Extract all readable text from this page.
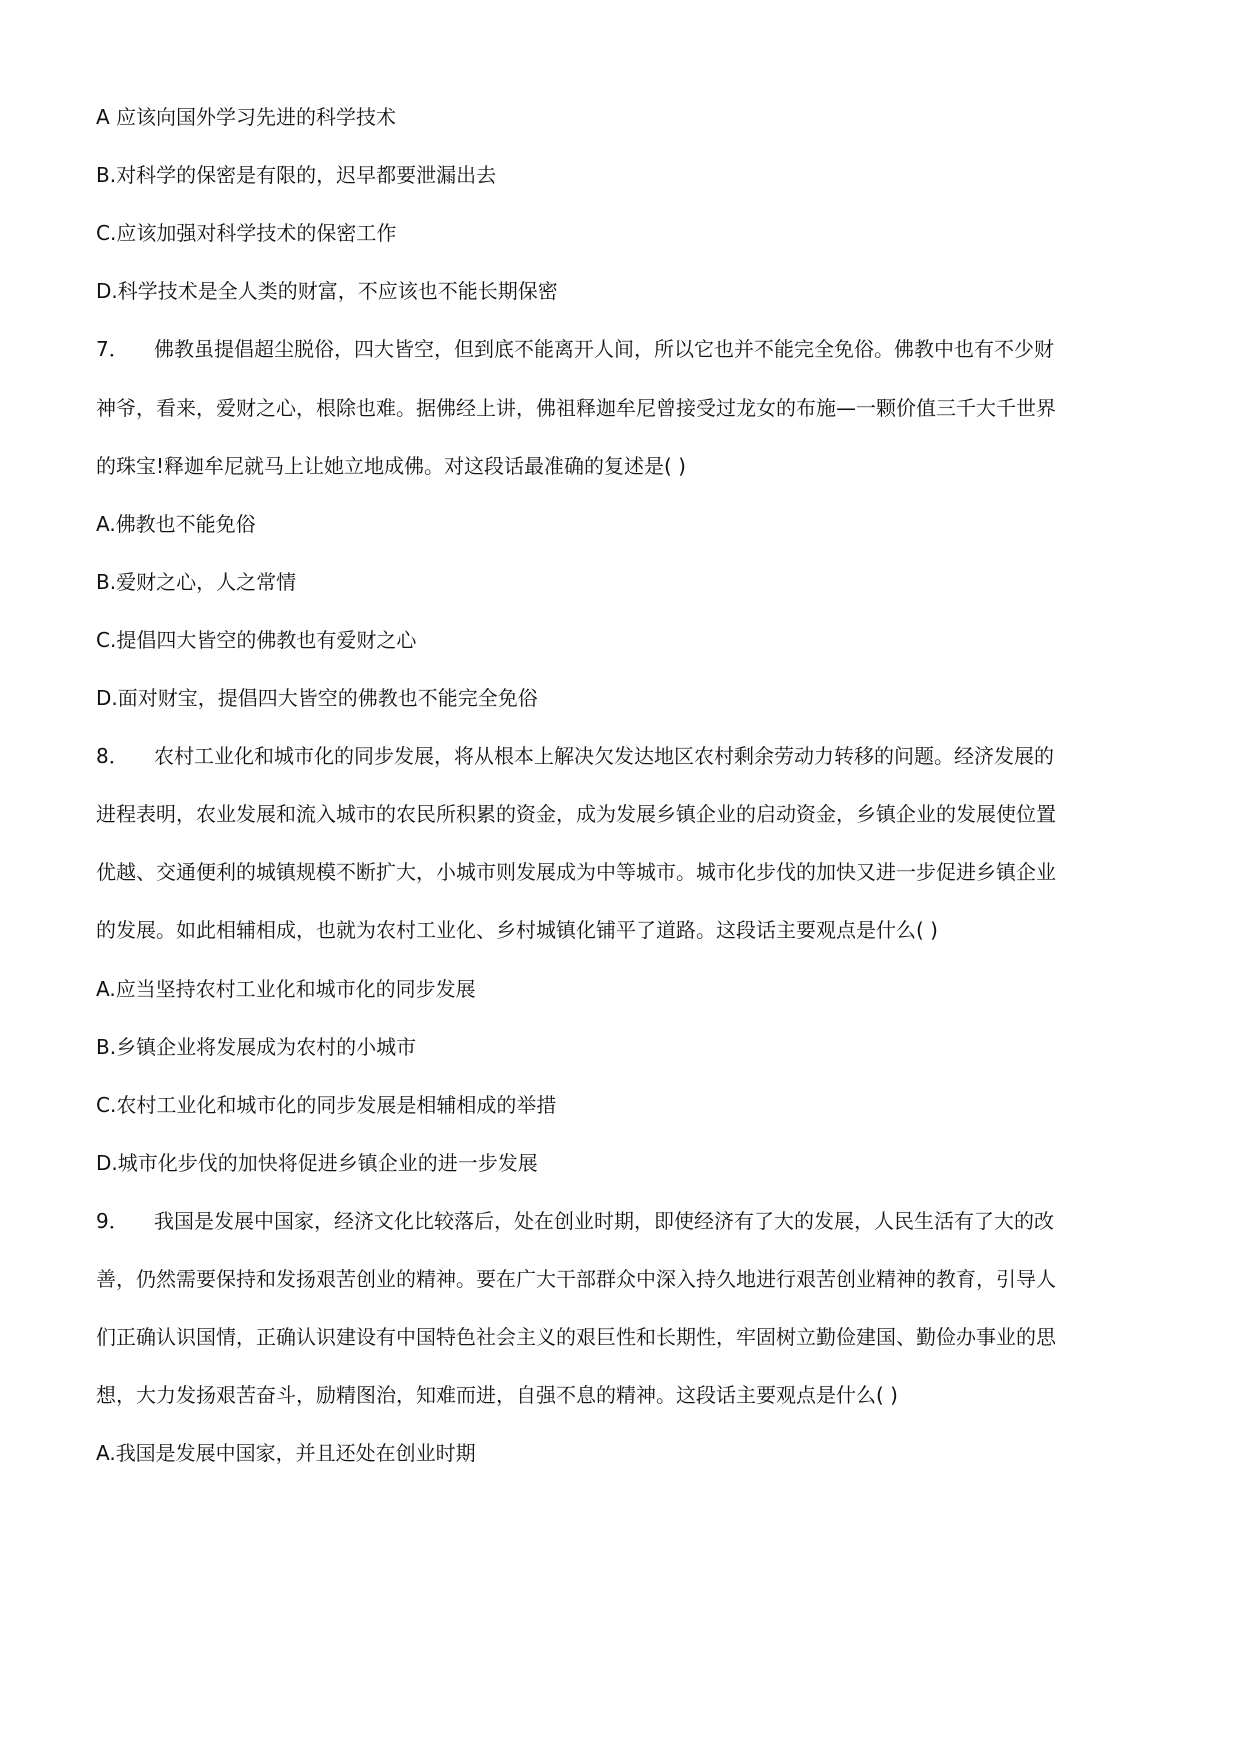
A 应该向国外学习先进的科学技术
B.对科学的保密是有限的，迟早都要泄漏出去
C.应该加强对科学技术的保密工作
D.科学技术是全人类的财富，不应该也不能长期保密
7． 佛教虽提倡超尘脱俗，四大皆空，但到底不能离开人间，所以它也并不能完全免俗。佛教中也有不少财
神爷，看来，爱财之心，根除也难。据佛经上讲，佛祖释迦牟尼曾接受过龙女的布施—一颗价值三千大千世界
的珠宝!释迦牟尼就马上让她立地成佛。对这段话最准确的复述是( )
A.佛教也不能免俗
B.爱财之心，人之常情
C.提倡四大皆空的佛教也有爱财之心
D.面对财宝，提倡四大皆空的佛教也不能完全免俗
8． 农村工业化和城市化的同步发展，将从根本上解决欠发达地区农村剩余劳动力转移的问题。经济发展的
进程表明，农业发展和流入城市的农民所积累的资金，成为发展乡镇企业的启动资金，乡镇企业的发展使位置
优越、交通便利的城镇规模不断扩大，小城市则发展成为中等城市。城市化步伐的加快又进一步促进乡镇企业
的发展。如此相辅相成，也就为农村工业化、乡村城镇化铺平了道路。这段话主要观点是什么( )
A.应当坚持农村工业化和城市化的同步发展
B.乡镇企业将发展成为农村的小城市
C.农村工业化和城市化的同步发展是相辅相成的举措
D.城市化步伐的加快将促进乡镇企业的进一步发展
9． 我国是发展中国家，经济文化比较落后，处在创业时期，即使经济有了大的发展，人民生活有了大的改
善，仍然需要保持和发扬艰苦创业的精神。要在广大干部群众中深入持久地进行艰苦创业精神的教育，引导人
们正确认识国情，正确认识建设有中国特色社会主义的艰巨性和长期性，牢固树立勤俭建国、勤俭办事业的思
想，大力发扬艰苦奋斗，励精图治，知难而进，自强不息的精神。这段话主要观点是什么( )
A.我国是发展中国家，并且还处在创业时期
